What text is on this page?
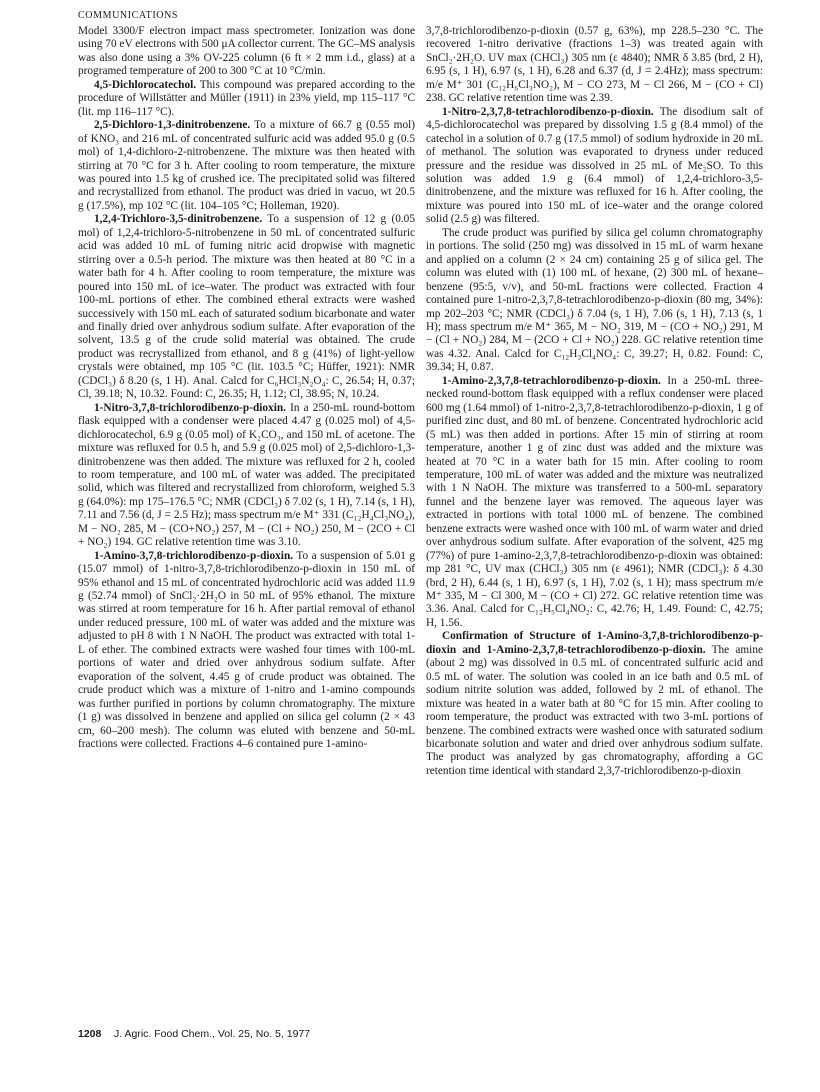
COMMUNICATIONS

Model 3300/F electron impact mass spectrometer. Ionization was done using 70 eV electrons with 500 μA collector current. The GC–MS analysis was also done using a 3% OV-225 column (6 ft × 2 mm i.d., glass) at a programed temperature of 200 to 300 °C at 10 °C/min.

4,5-Dichlorocatechol. This compound was prepared according to the procedure of Willstätter and Müller (1911) in 23% yield, mp 115–117 °C (lit. mp 116–117 °C).

2,5-Dichloro-1,3-dinitrobenzene. To a mixture of 66.7 g (0.55 mol) of KNO₃ and 216 mL of concentrated sulfuric acid was added 95.0 g (0.5 mol) of 1,4-dichloro-2-nitrobenzene. The mixture was then heated with stirring at 70 °C for 3 h. After cooling to room temperature, the mixture was poured into 1.5 kg of crushed ice. The precipitated solid was filtered and recrystallized from ethanol. The product was dried in vacuo, wt 20.5 g (17.5%), mp 102 °C (lit. 104–105 °C; Holleman, 1920).

1,2,4-Trichloro-3,5-dinitrobenzene. To a suspension of 12 g (0.05 mol) of 1,2,4-trichloro-5-nitrobenzene in 50 mL of concentrated sulfuric acid was added 10 mL of fuming nitric acid dropwise with magnetic stirring over a 0.5-h period. The mixture was then heated at 80 °C in a water bath for 4 h. After cooling to room temperature, the mixture was poured into 150 mL of ice–water. The product was extracted with four 100-mL portions of ether. The combined etheral extracts were washed successively with 150 mL each of saturated sodium bicarbonate and water and finally dried over anhydrous sodium sulfate. After evaporation of the solvent, 13.5 g of the crude solid material was obtained. The crude product was recrystallized from ethanol, and 8 g (41%) of light-yellow crystals were obtained, mp 105 °C (lit. 103.5 °C; Hüffer, 1921): NMR (CDCl₃) δ 8.20 (s, 1 H). Anal. Calcd for C₆HCl₃N₂O₄: C, 26.54; H, 0.37; Cl, 39.18; N, 10.32. Found: C, 26.35; H, 1.12; Cl, 38.95; N, 10.24.

1-Nitro-3,7,8-trichlorodibenzo-p-dioxin. In a 250-mL round-bottom flask equipped with a condenser were placed 4.47 g (0.025 mol) of 4,5-dichlorocatechol, 6.9 g (0.05 mol) of K₂CO₃, and 150 mL of acetone. The mixture was refluxed for 0.5 h, and 5.9 g (0.025 mol) of 2,5-dichloro-1,3-dinitrobenzene was then added. The mixture was refluxed for 2 h, cooled to room temperature, and 100 mL of water was added. The precipitated solid, which was filtered and recrystallized from chloroform, weighed 5.3 g (64.0%): mp 175–176.5 °C; NMR (CDCl₃) δ 7.02 (s, 1 H), 7.14 (s, 1 H), 7.11 and 7.56 (d, J = 2.5 Hz); mass spectrum m/e M⁺ 331 (C₁₂H₄Cl₃NO₄), M − NO₂ 285, M − (CO+NO₂) 257, M − (Cl + NO₂) 250, M − (2CO + Cl + NO₂) 194. GC relative retention time was 3.10.

1-Amino-3,7,8-trichlorodibenzo-p-dioxin. To a suspension of 5.01 g (15.07 mmol) of 1-nitro-3,7,8-trichlorodibenzo-p-dioxin in 150 mL of 95% ethanol and 15 mL of concentrated hydrochloric acid was added 11.9 g (52.74 mmol) of SnCl₂·2H₂O in 50 mL of 95% ethanol. The mixture was stirred at room temperature for 16 h. After partial removal of ethanol under reduced pressure, 100 mL of water was added and the mixture was adjusted to pH 8 with 1 N NaOH. The product was extracted with total 1-L of ether. The combined extracts were washed four times with 100-mL portions of water and dried over anhydrous sodium sulfate. After evaporation of the solvent, 4.45 g of crude product was obtained. The crude product which was a mixture of 1-nitro and 1-amino compounds was further purified in portions by column chromatography. The mixture (1 g) was dissolved in benzene and applied on silica gel column (2 × 43 cm, 60–200 mesh). The column was eluted with benzene and 50-mL fractions were collected. Fractions 4–6 contained pure 1-amino-

3,7,8-trichlorodibenzo-p-dioxin (0.57 g, 63%), mp 228.5–230 °C. The recovered 1-nitro derivative (fractions 1–3) was treated again with SnCl₂·2H₂O. UV max (CHCl₃) 305 nm (ε 4840); NMR δ 3.85 (brd, 2 H), 6.95 (s, 1 H), 6.97 (s, 1 H), 6.28 and 6.37 (d, J = 2.4Hz); mass spectrum: m/e M⁺ 301 (C₁₂H₆Cl₃NO₂), M − CO 273, M − Cl 266, M − (CO + Cl) 238. GC relative retention time was 2.39.

1-Nitro-2,3,7,8-tetrachlorodibenzo-p-dioxin. The disodium salt of 4,5-dichlorocatechol was prepared by dissolving 1.5 g (8.4 mmol) of the catechol in a solution of 0.7 g (17.5 mmol) of sodium hydroxide in 20 mL of methanol. The solution was evaporated to dryness under reduced pressure and the residue was dissolved in 25 mL of Me₂SO. To this solution was added 1.9 g (6.4 mmol) of 1,2,4-trichloro-3,5-dinitrobenzene, and the mixture was refluxed for 16 h. After cooling, the mixture was poured into 150 mL of ice–water and the orange colored solid (2.5 g) was filtered.

The crude product was purified by silica gel column chromatography in portions. The solid (250 mg) was dissolved in 15 mL of warm hexane and applied on a column (2 × 24 cm) containing 25 g of silica gel. The column was eluted with (1) 100 mL of hexane, (2) 300 mL of hexane–benzene (95:5, v/v), and 50-mL fractions were collected. Fraction 4 contained pure 1-nitro-2,3,7,8-tetrachlorodibenzo-p-dioxin (80 mg, 34%): mp 202–203 °C; NMR (CDCl₃) δ 7.04 (s, 1 H), 7.06 (s, 1 H), 7.13 (s, 1 H); mass spectrum m/e M⁺ 365, M − NO₂ 319, M − (CO + NO₂) 291, M − (Cl + NO₂) 284, M − (2CO + Cl + NO₂) 228. GC relative retention time was 4.32. Anal. Calcd for C₁₂H₃Cl₄NO₄: C, 39.27; H, 0.82. Found: C, 39.34; H, 0.87.

1-Amino-2,3,7,8-tetrachlorodibenzo-p-dioxin. In a 250-mL three-necked round-bottom flask equipped with a reflux condenser were placed 600 mg (1.64 mmol) of 1-nitro-2,3,7,8-tetrachlorodibenzo-p-dioxin, 1 g of purified zinc dust, and 80 mL of benzene. Concentrated hydrochloric acid (5 mL) was then added in portions. After 15 min of stirring at room temperature, another 1 g of zinc dust was added and the mixture was heated at 70 °C in a water bath for 15 min. After cooling to room temperature, 100 mL of water was added and the mixture was neutralized with 1 N NaOH. The mixture was transferred to a 500-mL separatory funnel and the benzene layer was removed. The aqueous layer was extracted in portions with total 1000 mL of benzene. The combined benzene extracts were washed once with 100 mL of warm water and dried over anhydrous sodium sulfate. After evaporation of the solvent, 425 mg (77%) of pure 1-amino-2,3,7,8-tetrachlorodibenzo-p-dioxin was obtained: mp 281 °C, UV max (CHCl₃) 305 nm (ε 4961); NMR (CDCl₃): δ 4.30 (brd, 2 H), 6.44 (s, 1 H), 6.97 (s, 1 H), 7.02 (s, 1 H); mass spectrum m/e M⁺ 335, M − Cl 300, M − (CO + Cl) 272. GC relative retention time was 3.36. Anal. Calcd for C₁₂H₅Cl₄NO₂: C, 42.76; H, 1.49. Found: C, 42.75; H, 1.56.

Confirmation of Structure of 1-Amino-3,7,8-trichlorodibenzo-p-dioxin and 1-Amino-2,3,7,8-tetrachlorodibenzo-p-dioxin. The amine (about 2 mg) was dissolved in 0.5 mL of concentrated sulfuric acid and 0.5 mL of water. The solution was cooled in an ice bath and 0.5 mL of sodium nitrite solution was added, followed by 2 mL of ethanol. The mixture was heated in a water bath at 80 °C for 15 min. After cooling to room temperature, the product was extracted with two 3-mL portions of benzene. The combined extracts were washed once with saturated sodium bicarbonate solution and water and dried over anhydrous sodium sulfate. The product was analyzed by gas chromatography, affording a GC retention time identical with standard 2,3,7-trichlorodibenzo-p-dioxin

1208 J. Agric. Food Chem., Vol. 25, No. 5, 1977
